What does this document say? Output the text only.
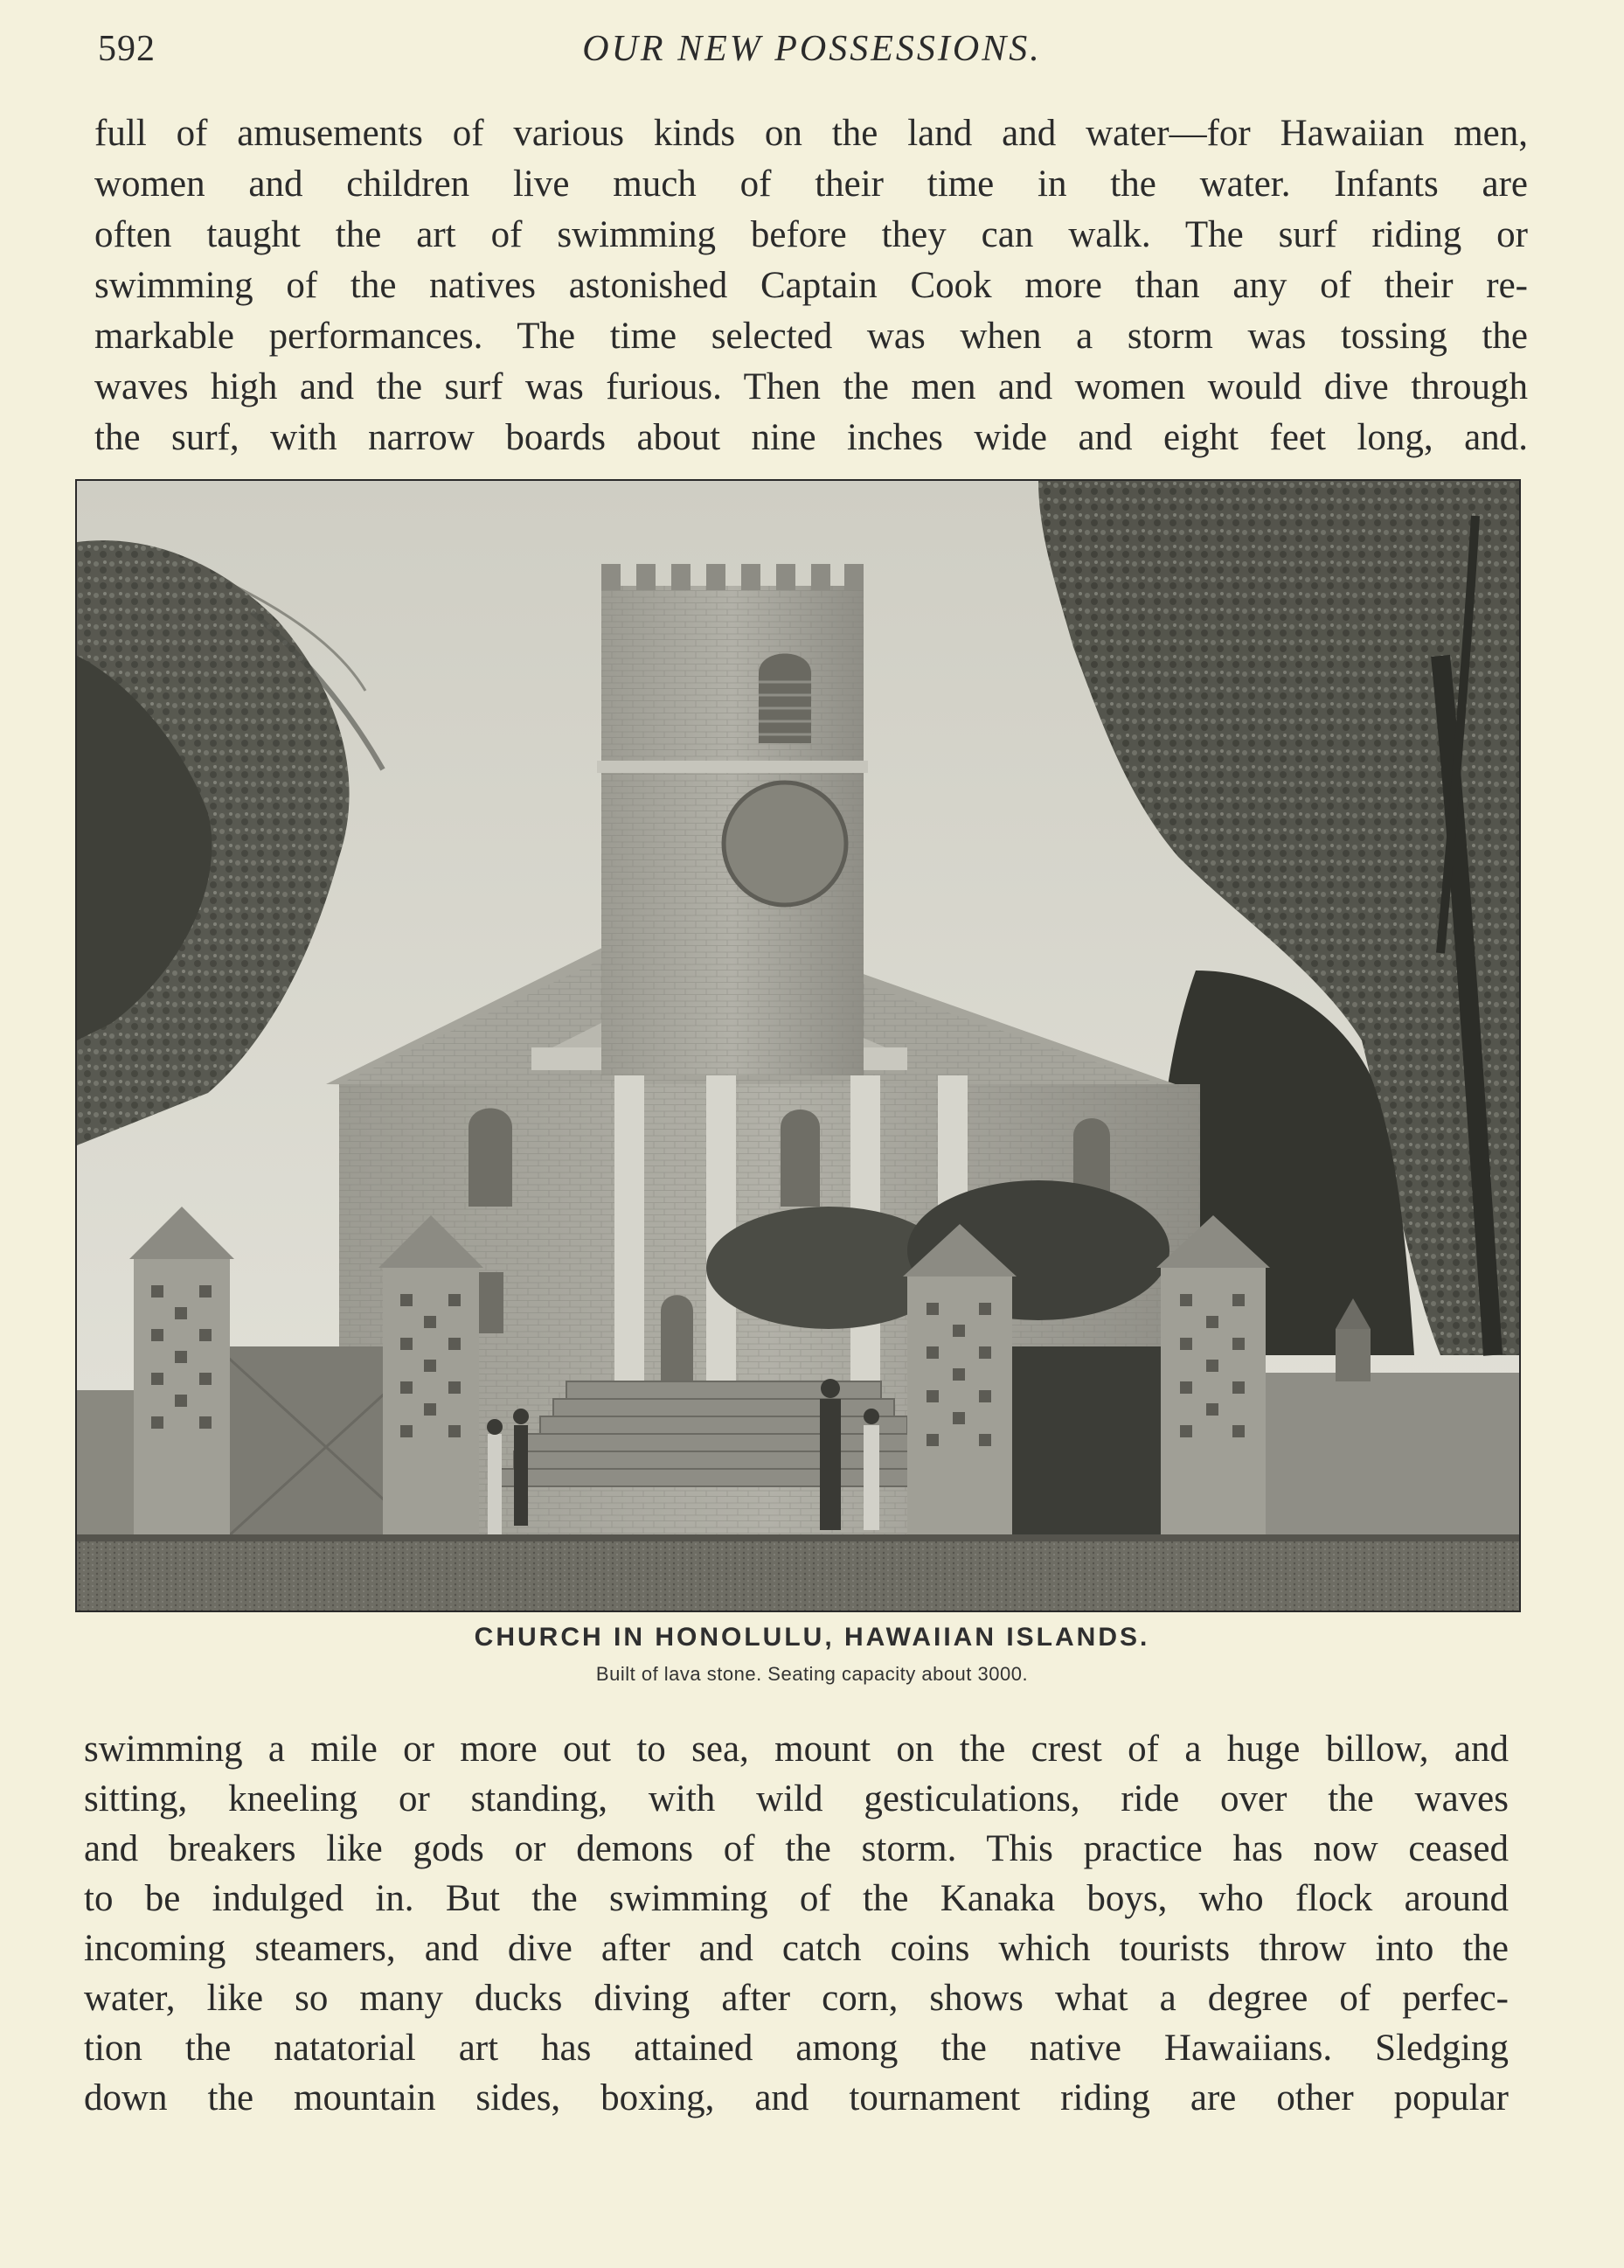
592	OUR NEW POSSESSIONS.
full of amusements of various kinds on the land and water—for Hawaiian men,
women and children live much of their time in the water. Infants are
often taught the art of swimming before they can walk. The surf riding or
swimming of the natives astonished Captain Cook more than any of their re-
markable performances. The time selected was when a storm was tossing the
waves high and the surf was furious. Then the men and women would dive through
the surf, with narrow boards about nine inches wide and eight feet long, and.
CHURCH IN HONOLULU, HAWAIIAN ISLANDS.
Built of lava stone. Seating capacity about 3000.
swimming a mile or more out to sea, mount on the crest of a huge billow, and
sitting, kneeling or standing, with wild gesticulations, ride over the waves
and breakers like gods or demons of the storm. This practice has now ceased
to be indulged in. But the swimming of the Kanaka boys, who flock around
incoming steamers, and dive after and catch coins which tourists throw into the
water, like so many ducks diving after corn, shows what a degree of perfec-
tion the natatorial art has attained among the native Hawaiians. Sledging
down the mountain sides, boxing, and tournament riding are other popular
